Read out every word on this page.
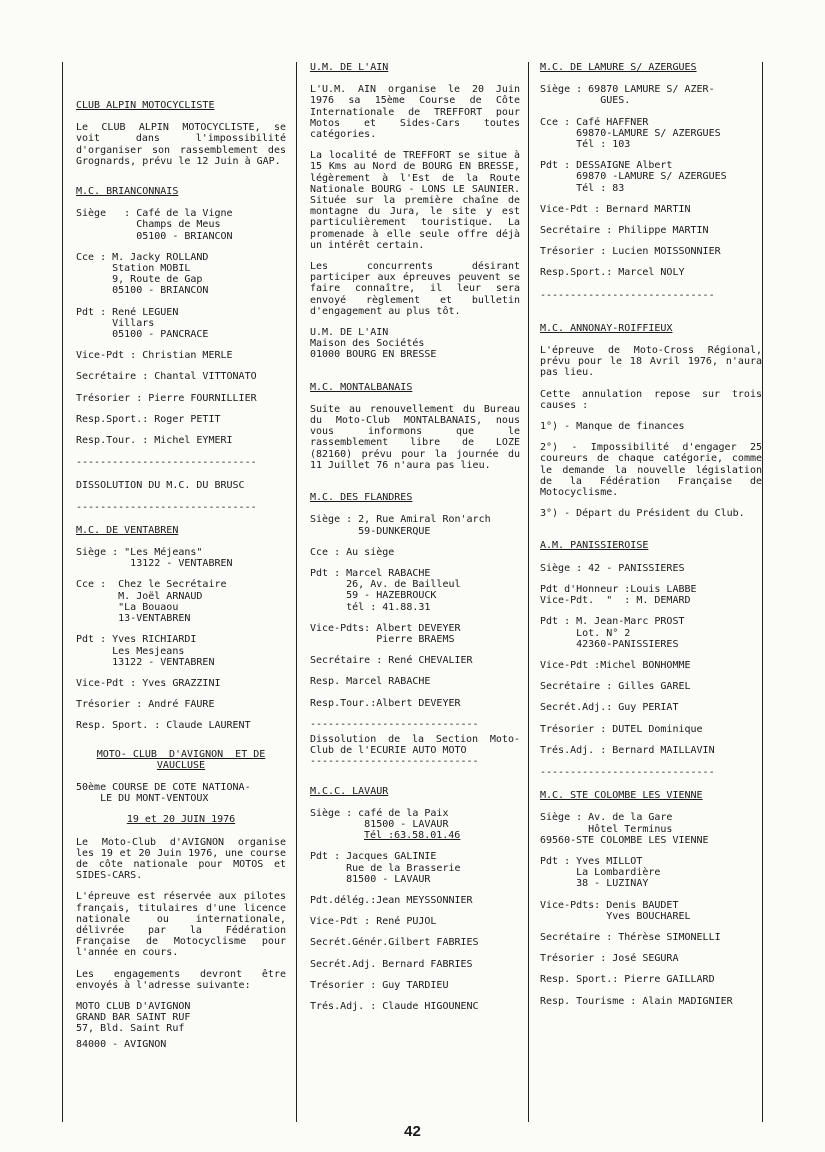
CLUB ALPIN MOTOCYCLISTE
Le CLUB ALPIN MOTOCYCLISTE, se voit dans l'impossibilité d'organiser son rassemblement des Grognards, prévu le 12 Juin à GAP.
M.C. BRIANCONNAIS
Siège   : Café de la Vigne
Champs de Meus
05100 - BRIANCON
Cce : M. Jacky ROLLAND
Station MOBIL
9, Route de Gap
05100 - BRIANCON
Pdt : René LEGUEN
Villars
05100 - PANCRACE
Vice-Pdt : Christian MERLE
Secrétaire : Chantal VITTONATO
Trésorier : Pierre FOURNILLIER
Resp.Sport.: Roger PETIT
Resp.Tour. : Michel EYMERI
------------------------------
DISSOLUTION DU M.C. DU BRUSC
------------------------------
M.C. DE VENTABREN
Siège : "Les Méjeans"
13122 - VENTABREN
Cce :  Chez le Secrétaire
M. Joël ARNAUD
"La Bouaou
13-VENTABREN
Pdt : Yves RICHIARDI
Les Mesjeans
13122 - VENTABREN
Vice-Pdt : Yves GRAZZINI
Trésorier : André FAURE
Resp. Sport. : Claude LAURENT
MOTO- CLUB  D'AVIGNON  ET DE
VAUCLUSE
50ème COURSE DE COTE NATIONA-
LE DU MONT-VENTOUX
19 et 20 JUIN 1976
Le Moto-Club d'AVIGNON organise les 19 et 20 Juin 1976, une course de côte nationale pour MOTOS et SIDES-CARS.
L'épreuve est réservée aux pilotes français, titulaires d'une licence nationale ou internationale, délivrée par la Fédération Française de Motocyclisme pour l'année en cours.
Les engagements devront être envoyés à l'adresse suivante:
MOTO CLUB D'AVIGNON
GRAND BAR SAINT RUF
57, Bld. Saint Ruf
84000 - AVIGNON
U.M. DE L'AIN
L'U.M. AIN organise le 20 Juin 1976 sa 15ème Course de Côte Internationale de TREFFORT pour Motos et Sides-Cars toutes catégories.
La localité de TREFFORT se situe à 15 Kms au Nord de BOURG EN BRESSE, légèrement à l'Est de la Route Nationale BOURG - LONS LE SAUNIER. Située sur la première chaîne de montagne du Jura, le site y est particulièrement touristique. La promenade à elle seule offre déjà un intérêt certain.
Les concurrents désirant participer aux épreuves peuvent se faire connaître, il leur sera envoyé règlement et bulletin d'engagement au plus tôt.
U.M. DE L'AIN
Maison des Sociétés
01000 BOURG EN BRESSE
M.C. MONTALBANAIS
Suite au renouvellement du Bureau du Moto-Club MONTALBANAIS, nous vous informons que le rassemblement libre de LOZE (82160) prévu pour la journée du 11 Juillet 76 n'aura pas lieu.
M.C. DES FLANDRES
Siège : 2, Rue Amiral Ron'arch
59-DUNKERQUE
Cce : Au siège
Pdt : Marcel RABACHE
26, Av. de Bailleul
59 - HAZEBROUCK
tél : 41.88.31
Vice-Pdts: Albert DEVEYER
Pierre BRAEMS
Secrétaire : René CHEVALIER
Resp. Marcel RABACHE
Resp.Tour.:Albert DEVEYER
----------------------------
Dissolution de la Section Moto-Club de l'ECURIE AUTO MOTO
----------------------------
M.C.C. LAVAUR
Siège : café de la Paix
81500 - LAVAUR
Tél :63.58.01.46
Pdt : Jacques GALINIE
Rue de la Brasserie
81500 - LAVAUR
Pdt.délég.:Jean MEYSSONNIER
Vice-Pdt : René PUJOL
Secrét.Génér.Gilbert FABRIES
Secrét.Adj. Bernard FABRIES
Trésorier : Guy TARDIEU
Trés.Adj. : Claude HIGOUNENC
M.C. DE LAMURE S/ AZERGUES
Siège : 69870 LAMURE S/ AZER-
GUES.
Cce : Café HAFFNER
69870-LAMURE S/ AZERGUES
Tél : 103
Pdt : DESSAIGNE Albert
69870 -LAMURE S/ AZERGUES
Tél : 83
Vice-Pdt : Bernard MARTIN
Secrétaire : Philippe MARTIN
Trésorier : Lucien MOISSONNIER
Resp.Sport.: Marcel NOLY
-----------------------------
M.C. ANNONAY-ROIFFIEUX
L'épreuve de Moto-Cross Régional, prévu pour le 18 Avril 1976, n'aura pas lieu.
Cette annulation repose sur trois causes :
1°) - Manque de finances
2°) - Impossibilité d'engager 25 coureurs de chaque catégorie, comme le demande la nouvelle législation de la Fédération Française de Motocyclisme.
3°) - Départ du Président du Club.
A.M. PANISSIEROISE
Siège : 42 - PANISSIERES
Pdt d'Honneur :Louis LABBE
Vice-Pdt.  "  : M. DEMARD
Pdt : M. Jean-Marc PROST
Lot. N° 2
42360-PANISSIERES
Vice-Pdt :Michel BONHOMME
Secrétaire : Gilles GAREL
Secrét.Adj.: Guy PERIAT
Trésorier : DUTEL Dominique
Trés.Adj. : Bernard MAILLAVIN
-----------------------------
M.C. STE COLOMBE LES VIENNE
Siège : Av. de la Gare
Hôtel Terminus
69560-STE COLOMBE LES VIENNE
Pdt : Yves MILLOT
La Lombardière
38 - LUZINAY
Vice-Pdts: Denis BAUDET
Yves BOUCHAREL
Secrétaire : Thérèse SIMONELLI
Trésorier : José SEGURA
Resp. Sport.: Pierre GAILLARD
Resp. Tourisme : Alain MADIGNIER
42
